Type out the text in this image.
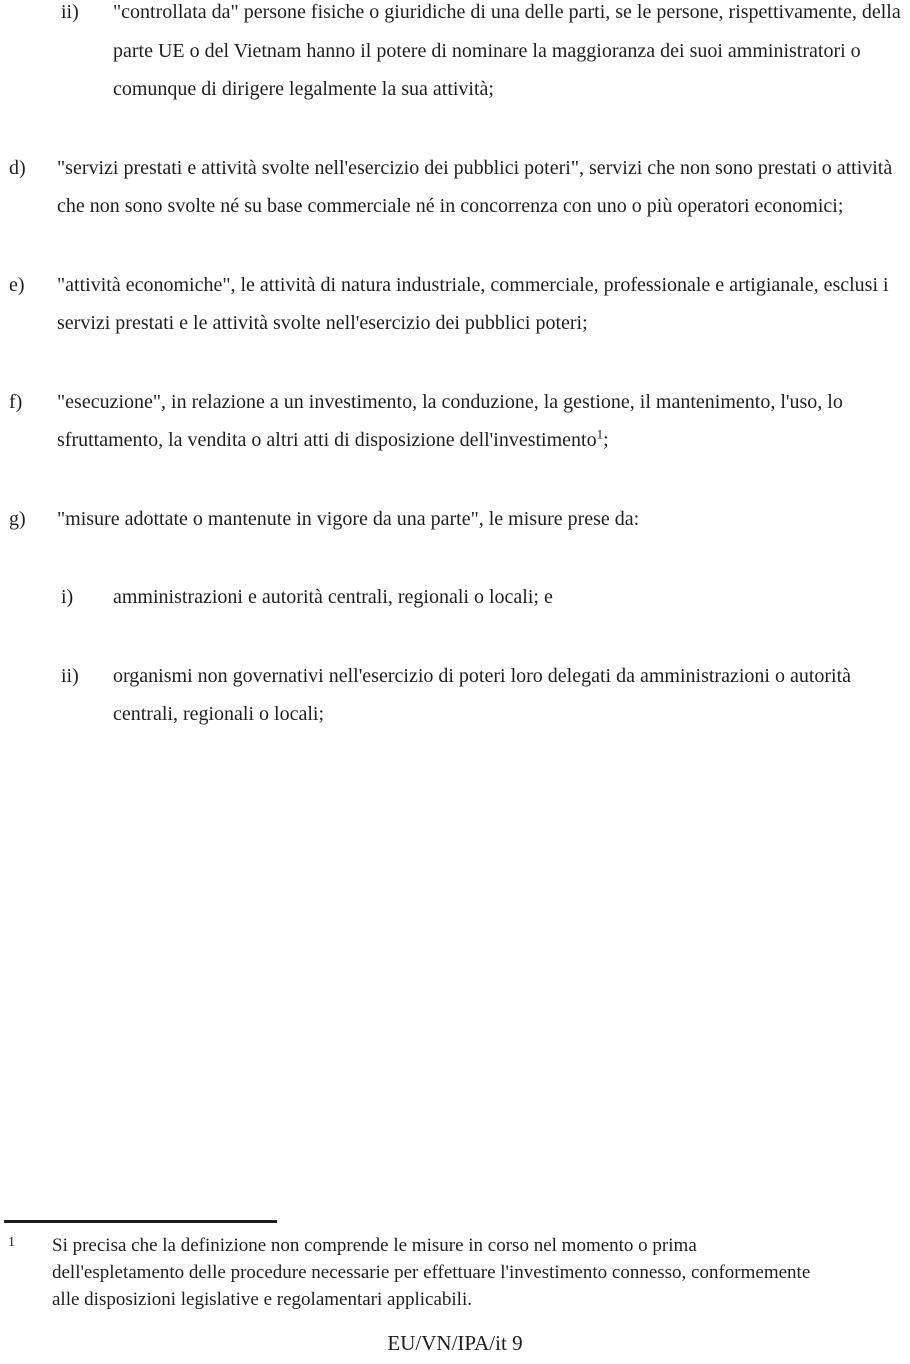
ii)	"controllata da" persone fisiche o giuridiche di una delle parti, se le persone, rispettivamente, della parte UE o del Vietnam hanno il potere di nominare la maggioranza dei suoi amministratori o comunque di dirigere legalmente la sua attività;
d)	"servizi prestati e attività svolte nell'esercizio dei pubblici poteri", servizi che non sono prestati o attività che non sono svolte né su base commerciale né in concorrenza con uno o più operatori economici;
e)	"attività economiche", le attività di natura industriale, commerciale, professionale e artigianale, esclusi i servizi prestati e le attività svolte nell'esercizio dei pubblici poteri;
f)	"esecuzione", in relazione a un investimento, la conduzione, la gestione, il mantenimento, l'uso, lo sfruttamento, la vendita o altri atti di disposizione dell'investimento$^1$;
g)	"misure adottate o mantenute in vigore da una parte", le misure prese da:
i)	amministrazioni e autorità centrali, regionali o locali; e
ii)	organismi non governativi nell'esercizio di poteri loro delegati da amministrazioni o autorità centrali, regionali o locali;
1	Si precisa che la definizione non comprende le misure in corso nel momento o prima dell'espletamento delle procedure necessarie per effettuare l'investimento connesso, conformemente alle disposizioni legislative e regolamentari applicabili.
EU/VN/IPA/it 9
